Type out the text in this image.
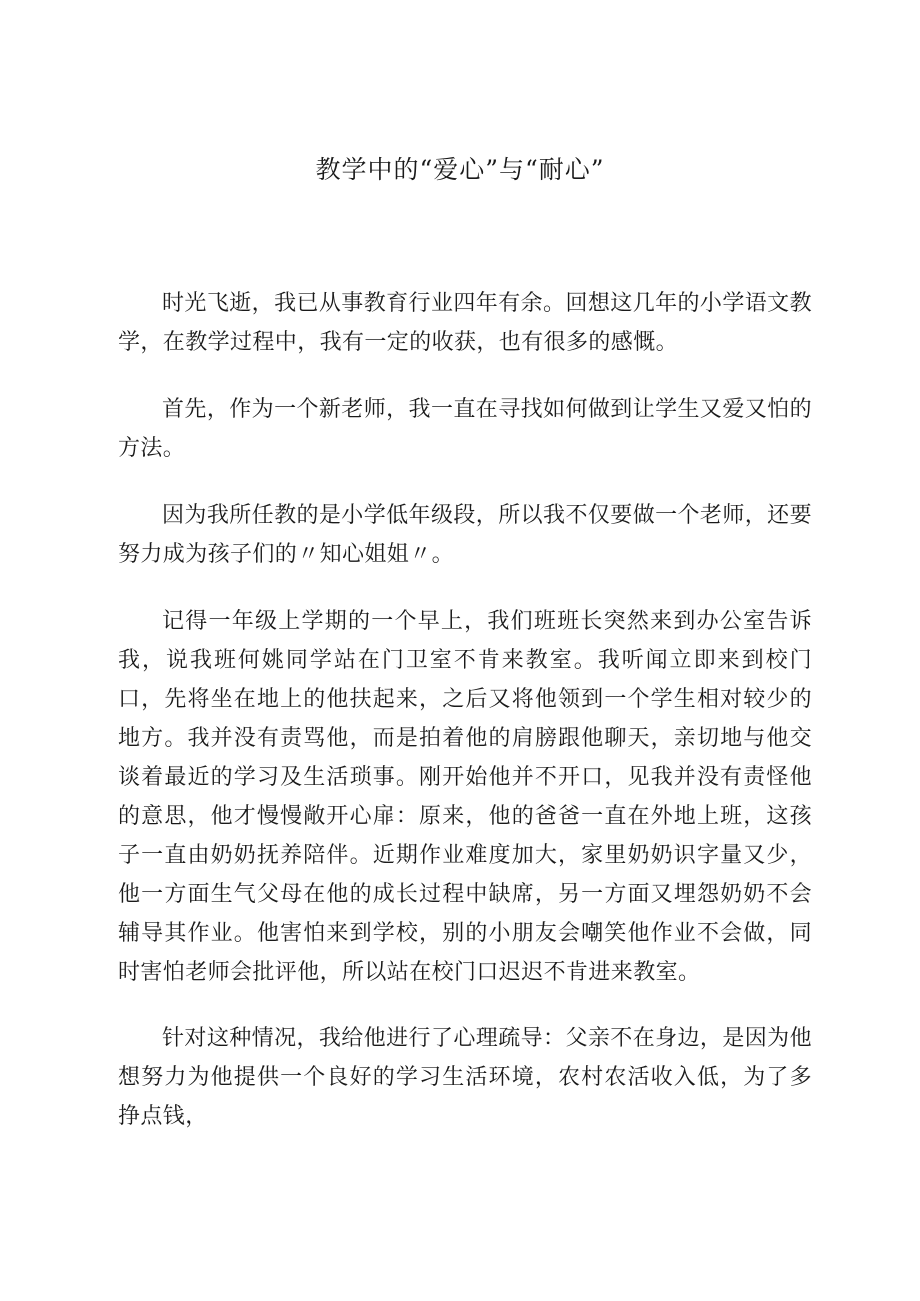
教学中的“爱心”与“耐心”

时光飞逝，我已从事教育行业四年有余。回想这几年的小学语文教学，在教学过程中，我有一定的收获，也有很多的感慨。

首先，作为一个新老师，我一直在寻找如何做到让学生又爱又怕的方法。

因为我所任教的是小学低年级段，所以我不仅要做一个老师，还要努力成为孩子们的〃知心姐姐〃。

记得一年级上学期的一个早上，我们班班长突然来到办公室告诉我，说我班何姚同学站在门卫室不肯来教室。我听闻立即来到校门口，先将坐在地上的他扶起来，之后又将他领到一个学生相对较少的地方。我并没有责骂他，而是拍着他的肩膀跟他聊天，亲切地与他交谈着最近的学习及生活琐事。刚开始他并不开口，见我并没有责怪他的意思，他才慢慢敞开心扉：原来，他的爸爸一直在外地上班，这孩子一直由奶奶抚养陪伴。近期作业难度加大，家里奶奶识字量又少，他一方面生气父母在他的成长过程中缺席，另一方面又埋怨奶奶不会辅导其作业。他害怕来到学校，别的小朋友会嘲笑他作业不会做，同时害怕老师会批评他，所以站在校门口迟迟不肯进来教室。

针对这种情况，我给他进行了心理疏导：父亲不在身边，是因为他想努力为他提供一个良好的学习生活环境，农村农活收入低，为了多挣点钱，
